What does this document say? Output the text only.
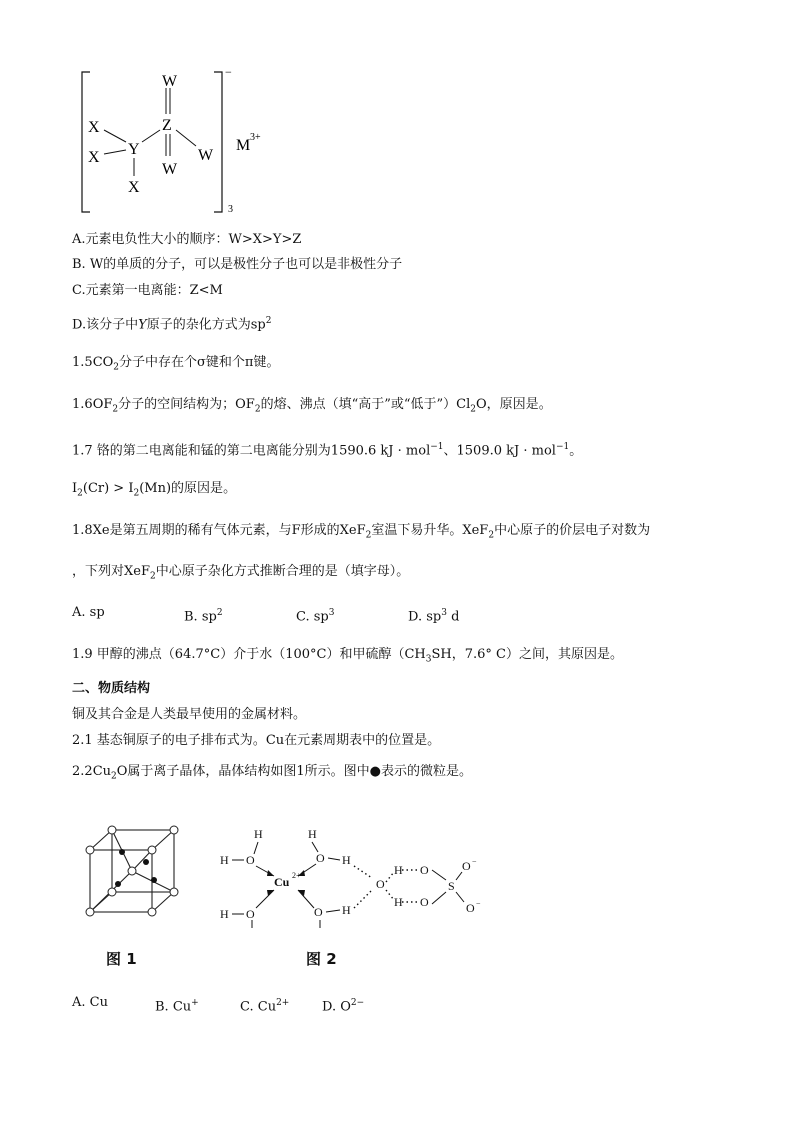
W
Z
W
W
X
X Y
X
−
3
M 3+
A.元素电负性大小的顺序：W>X>Y>Z
B. W的单质的分子，可以是极性分子也可以是非极性分子
C.元素第一电离能：Z<M
D.该分子中Y原子的杂化方式为$sp^2$
$1.5CO_2$分子中存在个σ键和个π键。
$1.6OF_2$分子的空间结构为；$OF_2$的熔、沸点（填“高于”或“低于$”)Cl_2O$，原因是。
1.7 铬的第二电离能和锰的第二电离能分别为1590.6 kJ · mol$^{-1}$、1509.0 kJ · mol$^{-1}$。
$I_2(Cr) > I_2(Mn)$的原因是。
1.8Xe是第五周期的稀有气体元素，与F形成的XeF$_2$室温下易升华。XeF$_2$中心原子的价层电子对数为
，下列对XeF$_2$中心原子杂化方式推断合理的是（填字母）。
A. sp	B. $sp^2$	C. $sp^3$	D. $sp^3$ d
1.9 甲醇的沸点（64.7°C）介于水（100°C）和甲硫醇（$CH_3SH$，7.6° C）之间，其原因是。
二、物质结构
铜及其合金是人类最早使用的金属材料。
2.1 基态铜原子的电子排布式为。Cu在元素周期表中的位置是。
$2.2Cu_2O$属于离子晶体，晶体结构如图1所示。图中●表示的微粒是。
H
H O
H
O H
Cu 2+
H O	O H
O
H O
H O
S
O −
O −
图 1	图 2
A. Cu	B. Cu+	C. $Cu^{2+}$	D. $O^{2-}$
